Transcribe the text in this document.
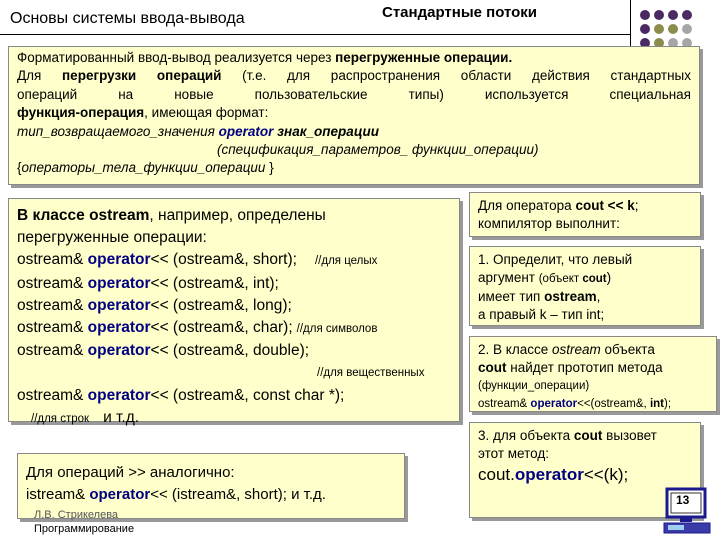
Основы системы ввода-вывода	Стандартные потоки
Форматированный ввод-вывод реализуется через перегруженные операции.
Для перегрузки операций (т.е. для распространения области действия стандартных
операций на новые пользовательские типы) используется специальная
функция-операция, имеющая формат:
тип_возвращаемого_значения operator знак_операции
(спецификация_параметров_ функции_операции)
{операторы_тела_функции_операции }
В классе ostream, например, определены
перегруженные операции:
ostream& operator<< (ostream&, short); //для целых
ostream& operator<< (ostream&, int);
ostream& operator<< (ostream&, long);
ostream& operator<< (ostream&, char); //для символов
ostream& operator<< (ostream&, double);
//для вещественных
ostream& operator<< (ostream&, const char *);
//для строк и т.д.
Для операций >> аналогично:
istream& operator<< (istream&, short); и т.д.
Для оператора cout << k;
компилятор выполнит:
1. Определит, что левый
аргумент (объект cout)
имеет тип ostream,
а правый k – тип int;
2. В классе ostream объекта
cout найдет прототип метода
(функции_операции)
ostream& operator<<(ostream&, int);
3. для объекта cout вызовет
этот метод:
cout.operator<<(k);
Л.В. Стрикелева
Программирование
13
